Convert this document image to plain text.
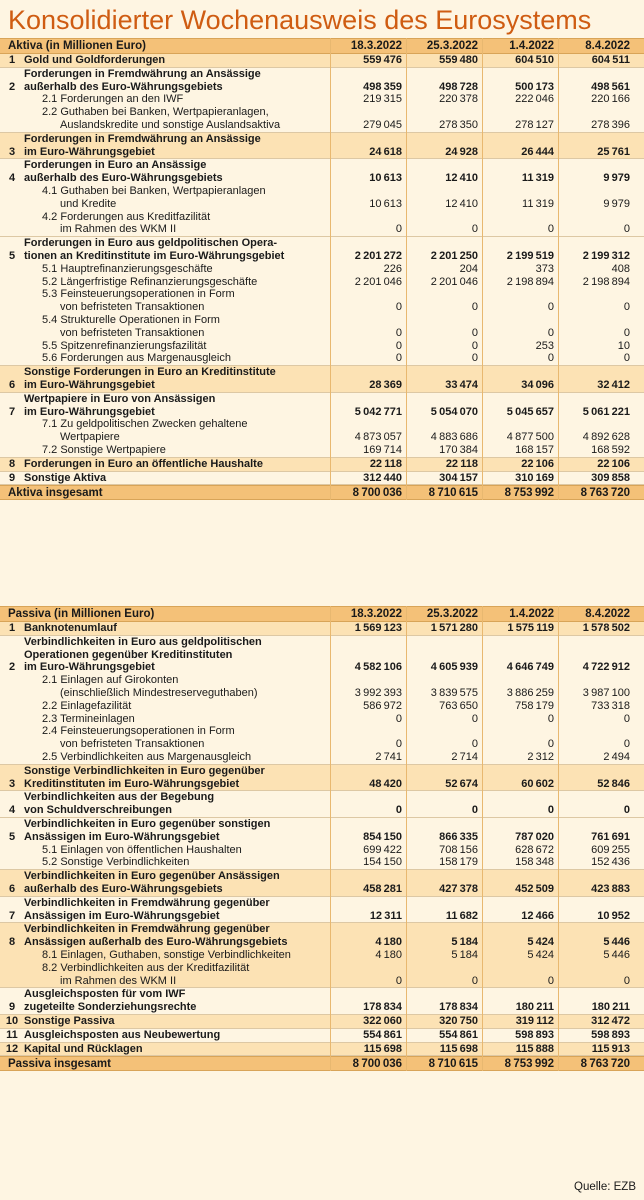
Konsolidierter Wochenausweis des Eurosystems
Aktiva (in Millionen Euro)	18.3.2022	25.3.2022	1.4.2022	8.4.2022
1 Gold und Goldforderungen	559 476	559 480	604 510	604 511
2
Forderungen in Fremdwährung an Ansässige
außerhalb des Euro-Währungsgebiets	498 359	498 728	500 173	498 561
2.1 Forderungen an den IWF	219 315	220 378	222 046	220 166
2.2 Guthaben bei Banken, Wertpapieranlagen,
Auslandskredite und sonstige Auslandsaktiva	279 045	278 350	278 127	278 396
3
Forderungen in Fremdwährung an Ansässige
im Euro-Währungsgebiet	24 618	24 928	26 444	25 761
4
Forderungen in Euro an Ansässige
außerhalb des Euro-Währungsgebiets	10 613	12 410	11 319	9 979
4.1 Guthaben bei Banken, Wertpapieranlagen
und Kredite	10 613	12 410	11 319	9 979
4.2 Forderungen aus Kreditfazilität
im Rahmen des WKM II	0	0	0	0
5
Forderungen in Euro aus geldpolitischen Opera-
tionen an Kreditinstitute im Euro-Währungsgebiet	2 201 272	2 201 250	2 199 519	2 199 312
5.1 Hauptrefinanzierungsgeschäfte	226	204	373	408
5.2 Längerfristige Refinanzierungsgeschäfte	2 201 046	2 201 046	2 198 894	2 198 894
5.3 Feinsteuerungsoperationen in Form
von befristeten Transaktionen	0	0	0	0
5.4 Strukturelle Operationen in Form
von befristeten Transaktionen	0	0	0	0
5.5 Spitzenrefinanzierungsfazilität	0	0	253	10
5.6 Forderungen aus Margenausgleich	0	0	0	0
6
Sonstige Forderungen in Euro an Kreditinstitute
im Euro-Währungsgebiet	28 369	33 474	34 096	32 412
7
Wertpapiere in Euro von Ansässigen
im Euro-Währungsgebiet	5 042 771	5 054 070	5 045 657	5 061 221
7.1 Zu geldpolitischen Zwecken gehaltene
Wertpapiere	4 873 057	4 883 686	4 877 500	4 892 628
7.2 Sonstige Wertpapiere	169 714	170 384	168 157	168 592
8 Forderungen in Euro an öffentliche Haushalte	22 118	22 118	22 106	22 106
9 Sonstige Aktiva	312 440	304 157	310 169	309 858
Aktiva insgesamt	8 700 036	8 710 615	8 753 992	8 763 720
Passiva (in Millionen Euro)	18.3.2022	25.3.2022	1.4.2022	8.4.2022
1 Banknotenumlauf	1 569 123	1 571 280	1 575 119	1 578 502
2
Verbindlichkeiten in Euro aus geldpolitischen
Operationen gegenüber Kreditinstituten
im Euro-Währungsgebiet	4 582 106	4 605 939	4 646 749	4 722 912
2.1 Einlagen auf Girokonten
(einschließlich Mindestreserveguthaben)	3 992 393	3 839 575	3 886 259	3 987 100
2.2 Einlagefazilität	586 972	763 650	758 179	733 318
2.3 Termineinlagen	0	0	0	0
2.4 Feinsteuerungsoperationen in Form
von befristeten Transaktionen	0	0	0	0
2.5 Verbindlichkeiten aus Margenausgleich	2 741	2 714	2 312	2 494
3
Sonstige Verbindlichkeiten in Euro gegenüber
Kreditinstituten im Euro-Währungsgebiet	48 420	52 674	60 602	52 846
4
Verbindlichkeiten aus der Begebung
von Schuldverschreibungen	0	0	0	0
5
Verbindlichkeiten in Euro gegenüber sonstigen
Ansässigen im Euro-Währungsgebiet	854 150	866 335	787 020	761 691
5.1 Einlagen von öffentlichen Haushalten	699 422	708 156	628 672	609 255
5.2 Sonstige Verbindlichkeiten	154 150	158 179	158 348	152 436
6
Verbindlichkeiten in Euro gegenüber Ansässigen
außerhalb des Euro-Währungsgebiets	458 281	427 378	452 509	423 883
7
Verbindlichkeiten in Fremdwährung gegenüber
Ansässigen im Euro-Währungsgebiet	12 311	11 682	12 466	10 952
8
Verbindlichkeiten in Fremdwährung gegenüber
Ansässigen außerhalb des Euro-Währungsgebiets	4 180	5 184	5 424	5 446
8.1 Einlagen, Guthaben, sonstige Verbindlichkeiten	4 180	5 184	5 424	5 446
8.2 Verbindlichkeiten aus der Kreditfazilität
im Rahmen des WKM II	0	0	0	0
9
Ausgleichsposten für vom IWF
zugeteilte Sonderziehungsrechte	178 834	178 834	180 211	180 211
10 Sonstige Passiva	322 060	320 750	319 112	312 472
11 Ausgleichsposten aus Neubewertung	554 861	554 861	598 893	598 893
12 Kapital und Rücklagen	115 698	115 698	115 888	115 913
Passiva insgesamt	8 700 036	8 710 615	8 753 992	8 763 720
Quelle: EZB
